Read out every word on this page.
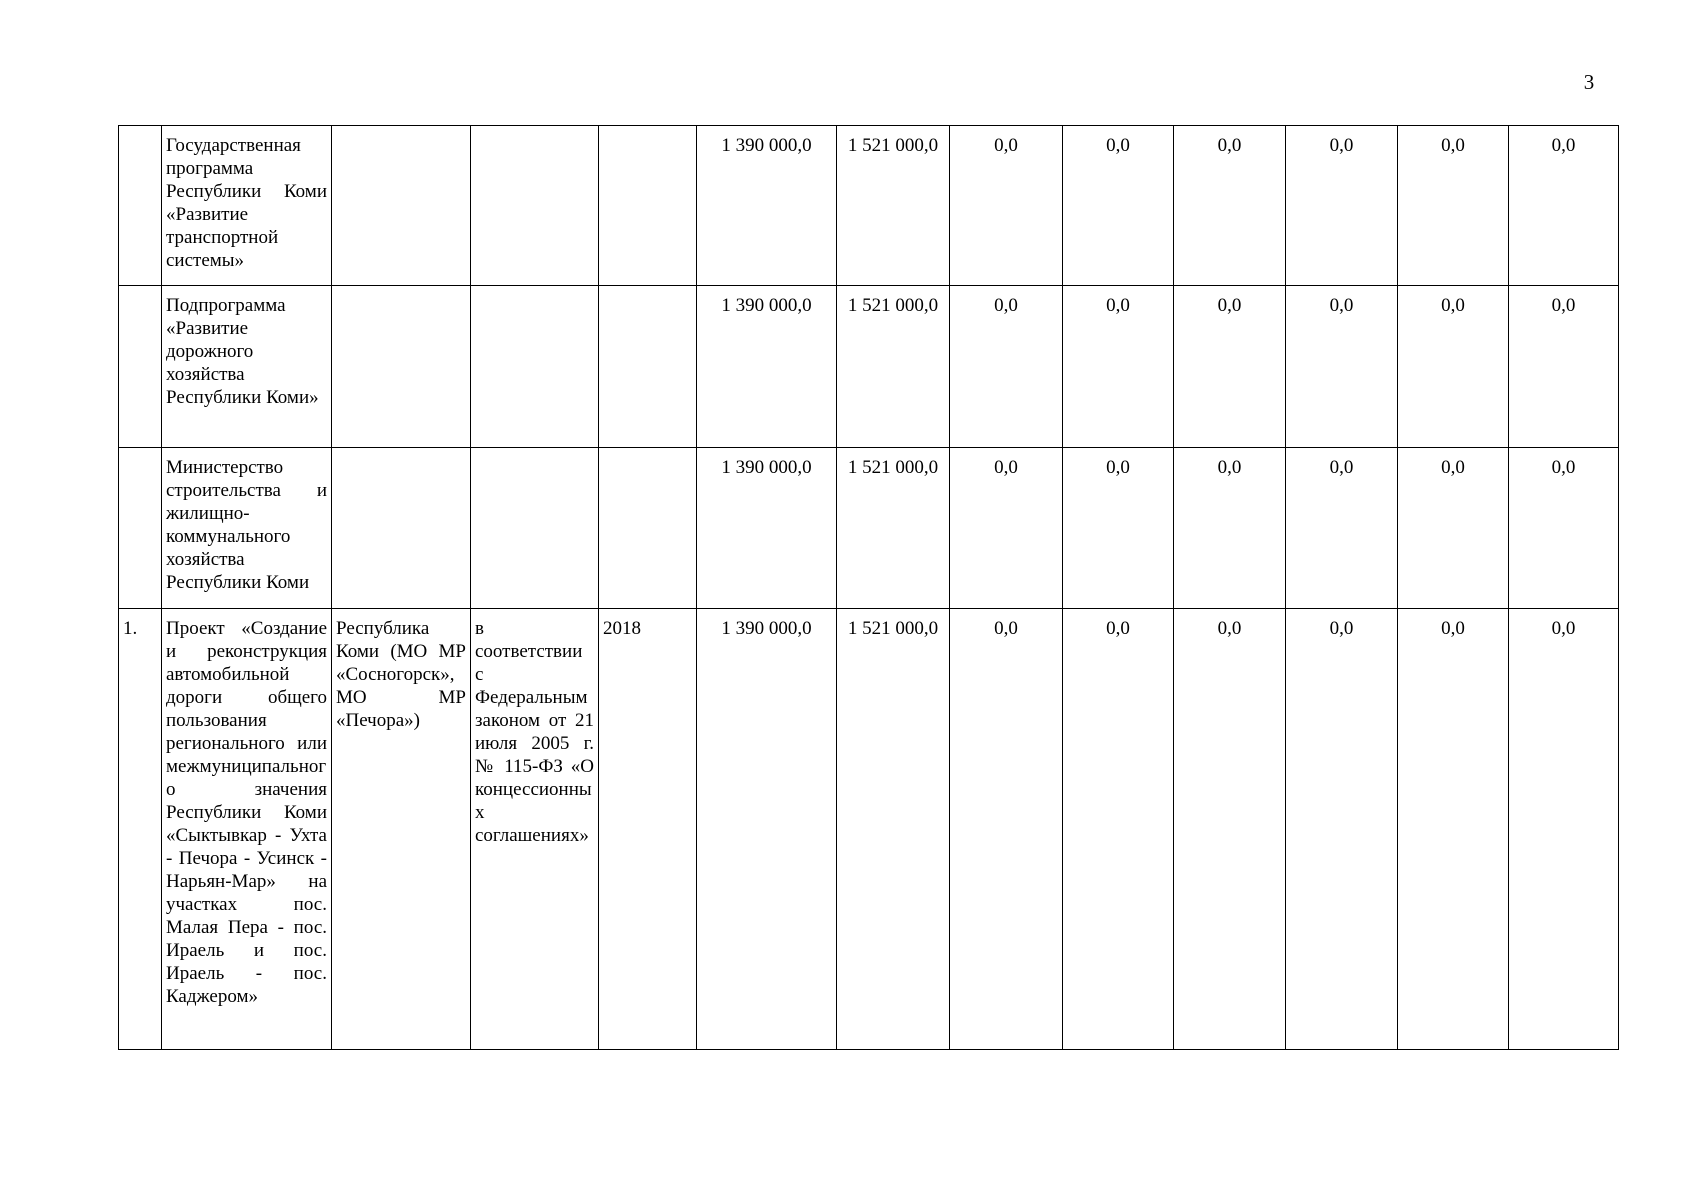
3
	Государственная программа Республики Коми «Развитие транспортной системы»				1 390 000,0	1 521 000,0	0,0	0,0	0,0	0,0	0,0	0,0
	Подпрограмма «Развитие дорожного хозяйства Республики Коми»				1 390 000,0	1 521 000,0	0,0	0,0	0,0	0,0	0,0	0,0
	Министерство строительства и жилищно-коммунального хозяйства Республики Коми				1 390 000,0	1 521 000,0	0,0	0,0	0,0	0,0	0,0	0,0
1.	Проект «Создание и реконструкция автомобильной дороги общего пользования регионального или межмуниципального значения Республики Коми «Сыктывкар - Ухта - Печора - Усинск - Нарьян-Мар» на участках пос. Малая Пера - пос. Ираель и пос. Ираель - пос. Каджером»	Республика Коми (МО МР «Сосногорск», МО МР «Печора»)	в соответствии с Федеральным законом от 21 июля 2005 г. № 115-ФЗ «О концессионных соглашениях»	2018	1 390 000,0	1 521 000,0	0,0	0,0	0,0	0,0	0,0	0,0
